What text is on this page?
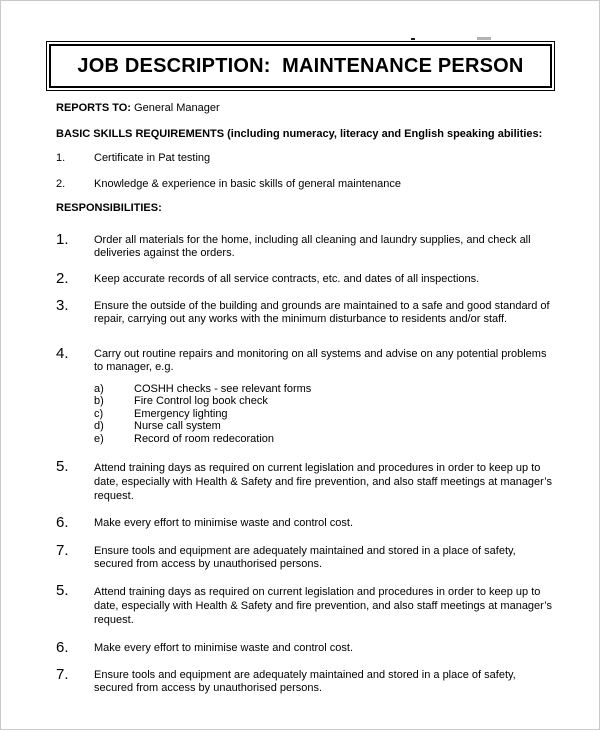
JOB DESCRIPTION:  MAINTENANCE PERSON
REPORTS TO: General Manager
BASIC SKILLS REQUIREMENTS (including numeracy, literacy and English speaking abilities:
1.	Certificate in Pat testing
2.	Knowledge & experience in basic skills of general maintenance
RESPONSIBILITIES:
1.	Order all materials for the home, including all cleaning and laundry supplies, and check all deliveries against the orders.
2.	Keep accurate records of all service contracts, etc. and dates of all inspections.
3.	Ensure the outside of the building and grounds are maintained to a safe and good standard of repair, carrying out any works with the minimum disturbance to residents and/or staff.
4.	Carry out routine repairs and monitoring on all systems and advise on any potential problems to manager, e.g.
a)	COSHH checks - see relevant forms
b)	Fire Control log book check
c)	Emergency lighting
d)	Nurse call system
e)	Record of room redecoration
5.	Attend training days as required on current legislation and procedures in order to keep up to date, especially with Health & Safety and fire prevention, and also staff meetings at manager’s request.
6.	Make every effort to minimise waste and control cost.
7.	Ensure tools and equipment are adequately maintained and stored in a place of safety, secured from access by unauthorised persons.
5.	Attend training days as required on current legislation and procedures in order to keep up to date, especially with Health & Safety and fire prevention, and also staff meetings at manager’s request.
6.	Make every effort to minimise waste and control cost.
7.	Ensure tools and equipment are adequately maintained and stored in a place of safety, secured from access by unauthorised persons.
